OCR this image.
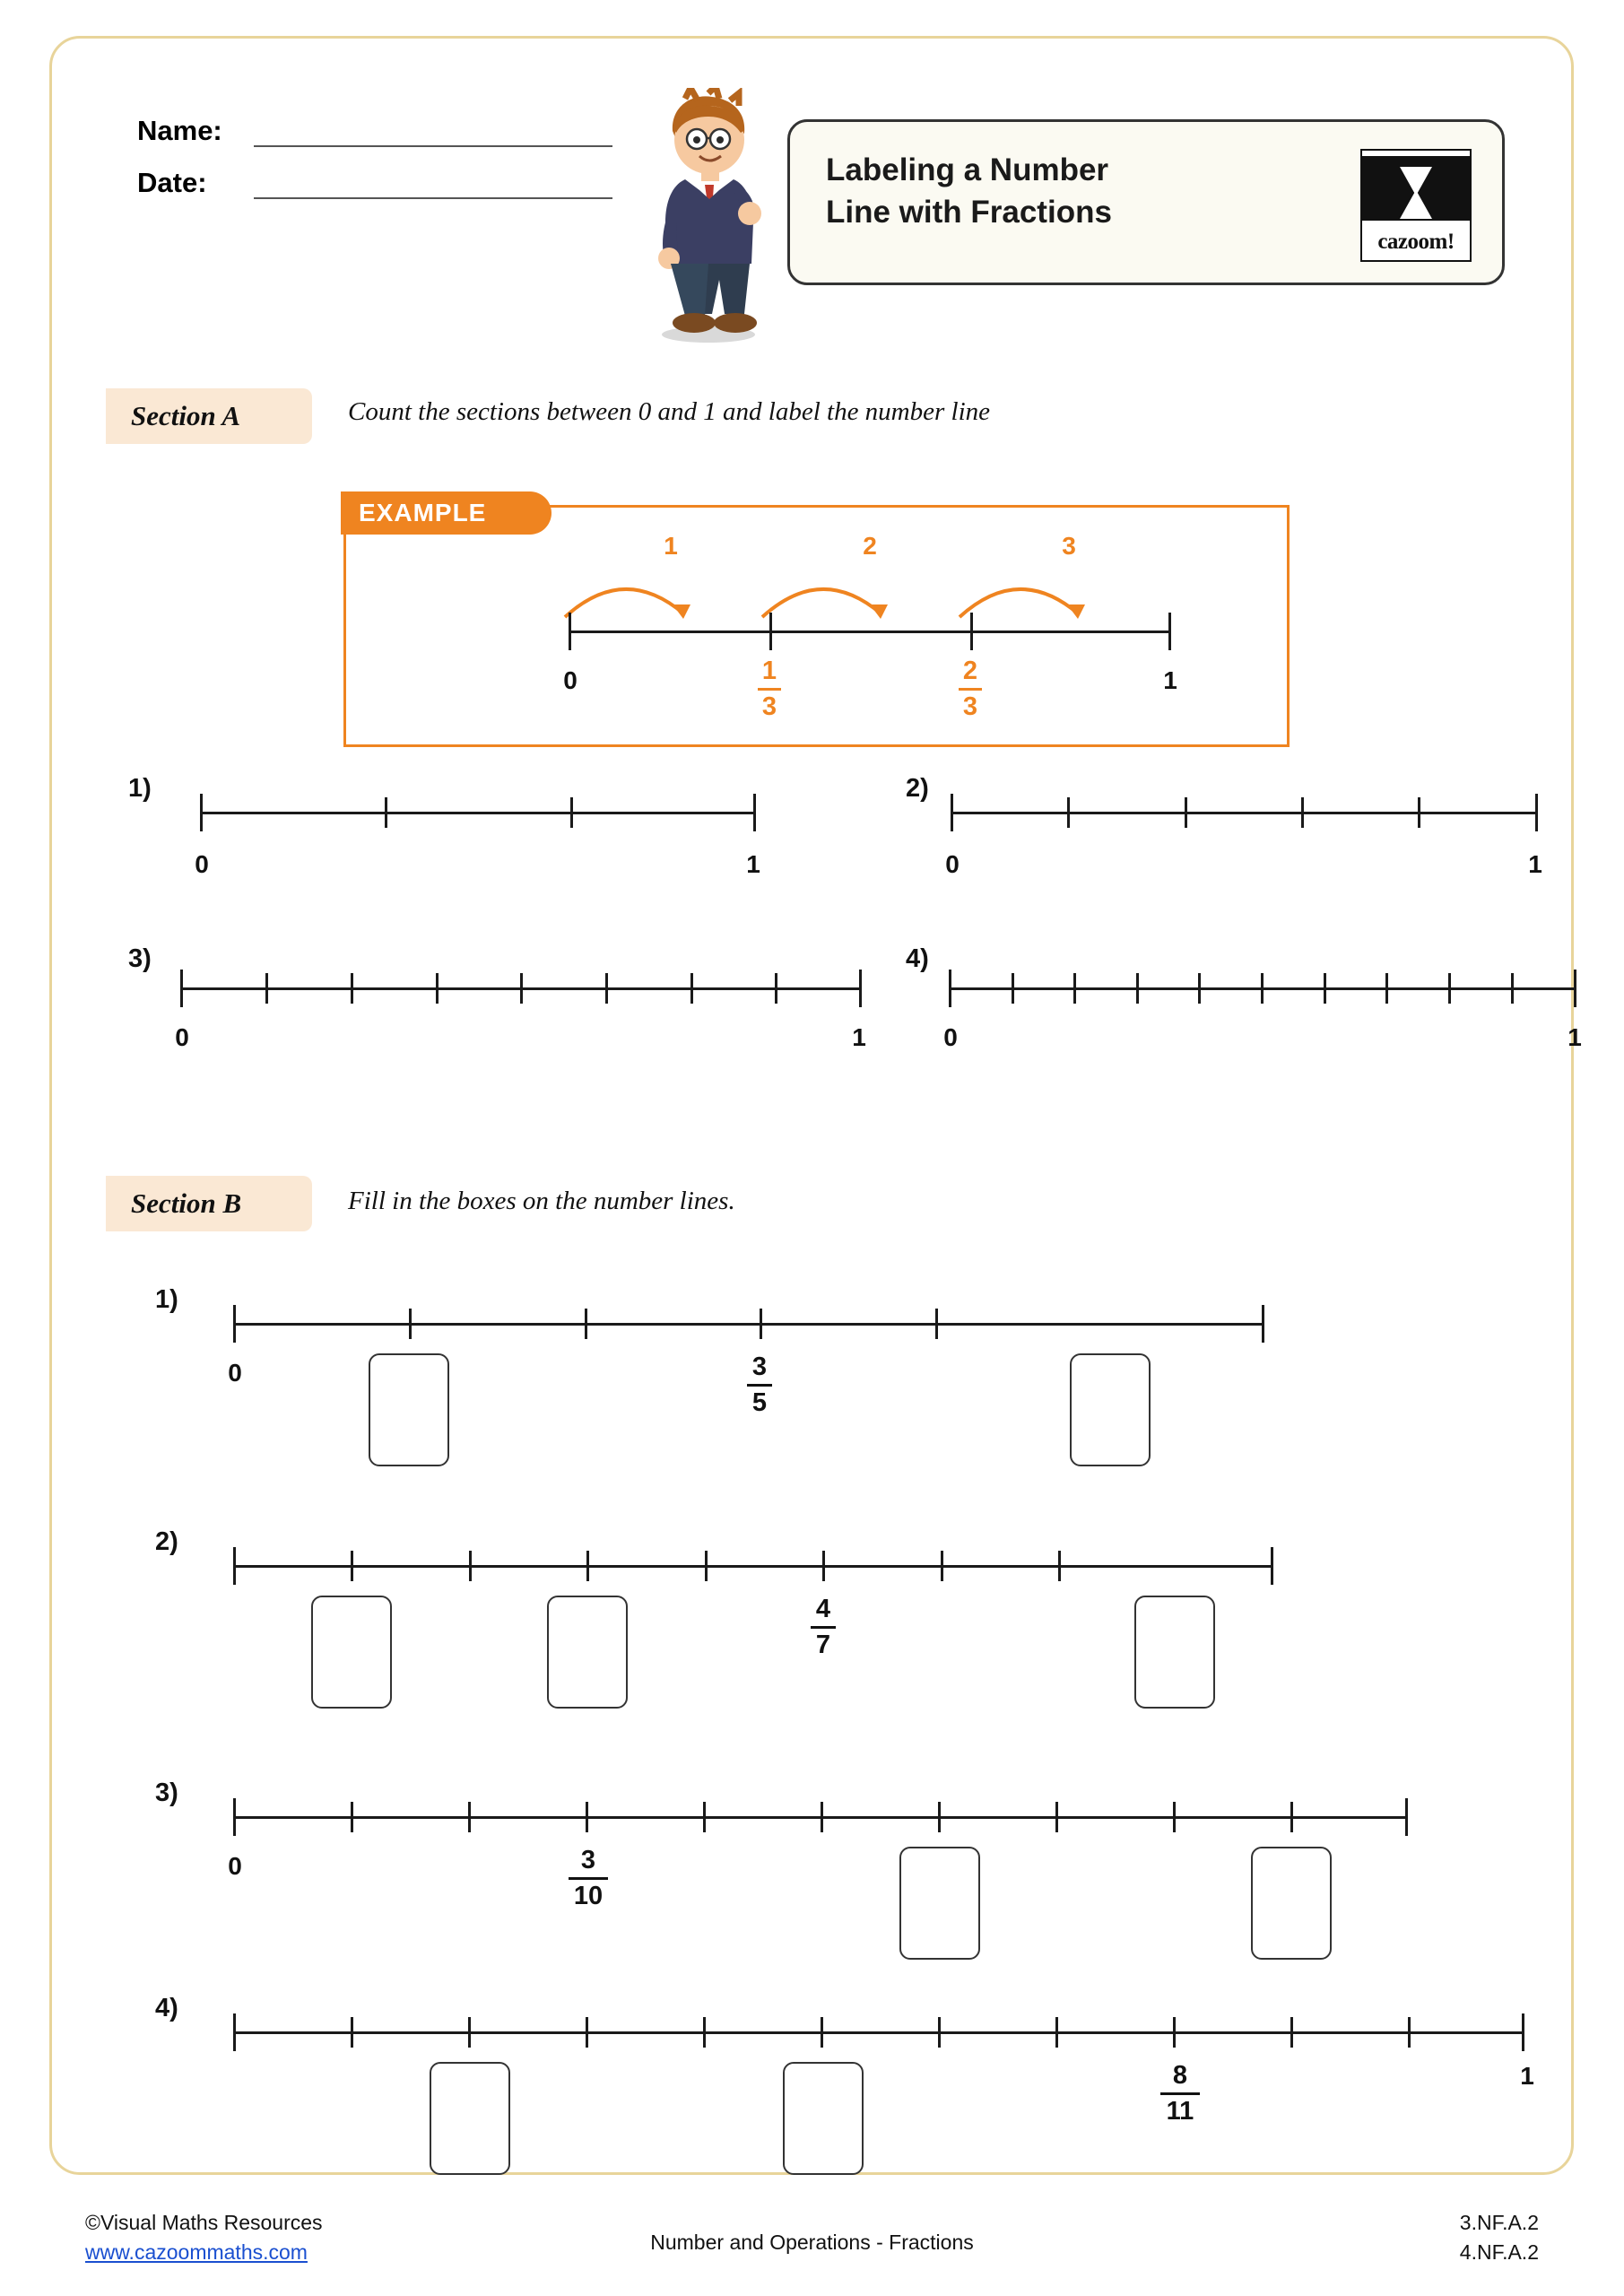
Name:
Date:	Labeling a Number
Line with Fractions
cazoom!
Section A	Count the sections between 0 and 1 and label the number line
EXAMPLE
1	2	3
0	1
1
3
2
3
1)
0	1
2)
0	1
3)
0	1
4)
0	1
Section B	Fill in the boxes on the number lines.
1)
0	3
5
2)
4
7
3)
0	3
10
4)
8
11
1
©Visual Maths Resources
www.cazoommaths.com	Number and Operations - Fractions
3.NF.A.2
4.NF.A.2
